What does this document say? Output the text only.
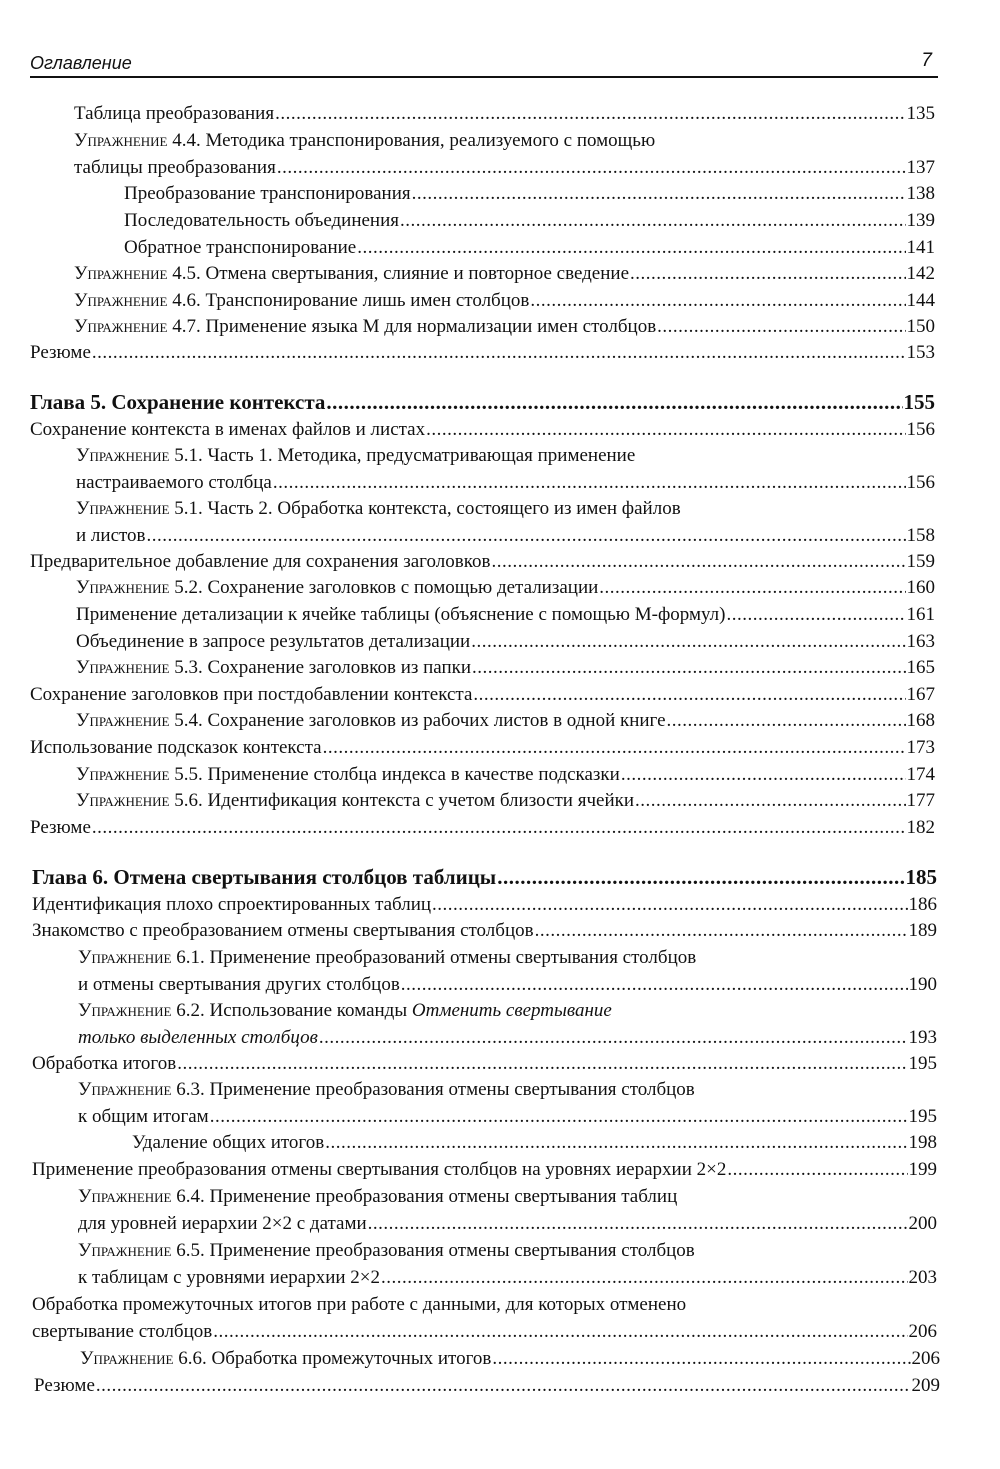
Оглавление	7
Таблица преобразования .....	135
Упражнение 4.4. Методика транспонирования, реализуемого с помощью
таблицы преобразования .....	137
Преобразование транспонирования .....	138
Последовательность объединения .....	139
Обратное транспонирование .....	141
Упражнение 4.5. Отмена свертывания, слияние и повторное сведение .....	142
Упражнение 4.6. Транспонирование лишь имен столбцов .....	144
Упражнение 4.7. Применение языка М для нормализации имен столбцов .....	150
Резюме .....	153
Глава 5. Сохранение контекста .....	155
Сохранение контекста в именах файлов и листах .....	156
Упражнение 5.1. Часть 1. Методика, предусматривающая применение
настраиваемого столбца .....	156
Упражнение 5.1. Часть 2. Обработка контекста, состоящего из имен файлов
и листов .....	158
Предварительное добавление для сохранения заголовков .....	159
Упражнение 5.2. Сохранение заголовков с помощью детализации .....	160
Применение детализации к ячейке таблицы (объяснение с помощью М-формул) .....	161
Объединение в запросе результатов детализации .....	163
Упражнение 5.3. Сохранение заголовков из папки .....	165
Сохранение заголовков при постдобавлении контекста .....	167
Упражнение 5.4. Сохранение заголовков из рабочих листов в одной книге .....	168
Использование подсказок контекста .....	173
Упражнение 5.5. Применение столбца индекса в качестве подсказки .....	174
Упражнение 5.6. Идентификация контекста с учетом близости ячейки .....	177
Резюме .....	182
Глава 6. Отмена свертывания столбцов таблицы .....	185
Идентификация плохо спроектированных таблиц .....	186
Знакомство с преобразованием отмены свертывания столбцов .....	189
Упражнение 6.1. Применение преобразований отмены свертывания столбцов
и отмены свертывания других столбцов .....	190
Упражнение 6.2. Использование команды Отменить свертывание
только выделенных столбцов .....	193
Обработка итогов .....	195
Упражнение 6.3. Применение преобразования отмены свертывания столбцов
к общим итогам .....	195
Удаление общих итогов .....	198
Применение преобразования отмены свертывания столбцов на уровнях иерархии 2×2 .....	199
Упражнение 6.4. Применение преобразования отмены свертывания таблиц
для уровней иерархии 2×2 с датами .....	200
Упражнение 6.5. Применение преобразования отмены свертывания столбцов
к таблицам с уровнями иерархии 2×2 .....	203
Обработка промежуточных итогов при работе с данными, для которых отменено
свертывание столбцов .....	206
Упражнение 6.6. Обработка промежуточных итогов .....	206
Резюме .....	209
